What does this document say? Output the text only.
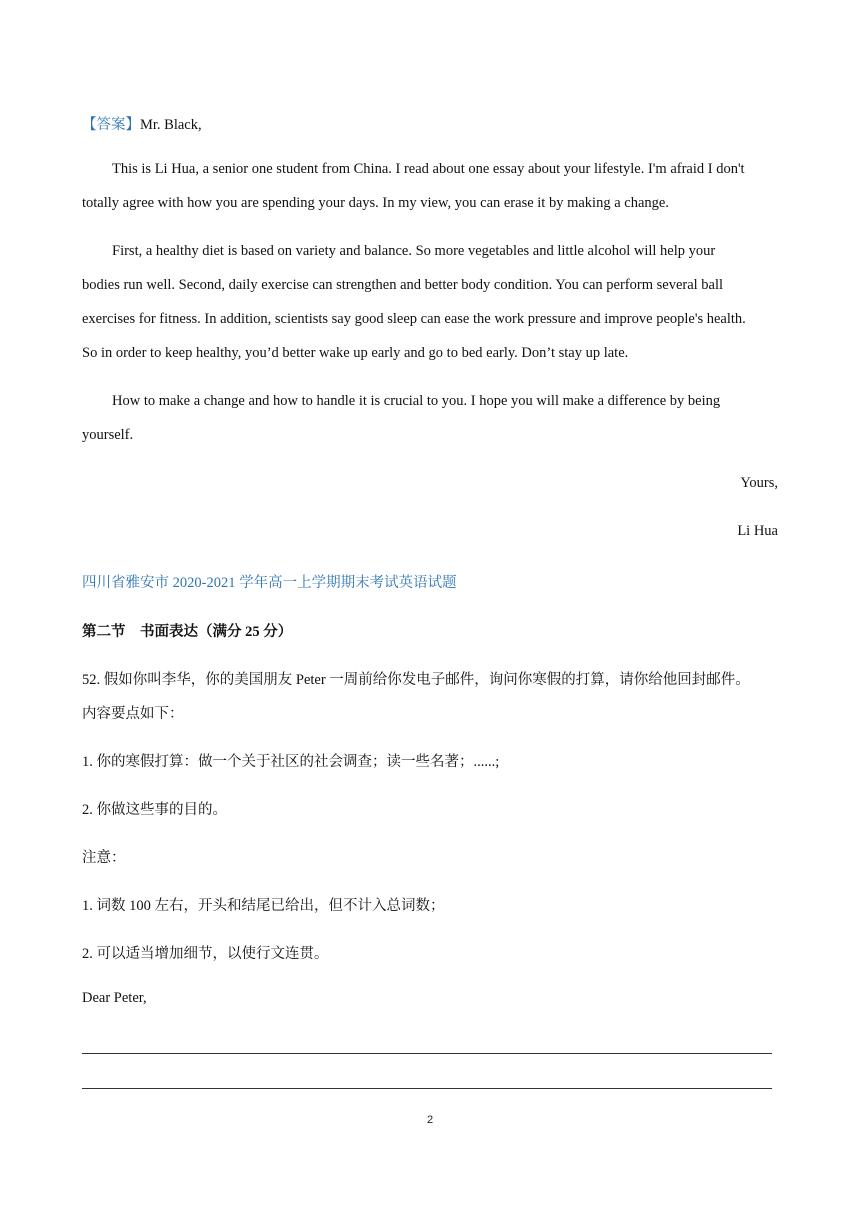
【答案】Mr. Black,
This is Li Hua, a senior one student from China. I read about one essay about your lifestyle. I'm afraid I don't
totally agree with how you are spending your days. In my view, you can erase it by making a change.
First, a healthy diet is based on variety and balance. So more vegetables and little alcohol will help your
bodies run well. Second, daily exercise can strengthen and better body condition. You can perform several ball
exercises for fitness. In addition, scientists say good sleep can ease the work pressure and improve people's health.
So in order to keep healthy, you’d better wake up early and go to bed early. Don’t stay up late.
How to make a change and how to handle it is crucial to you. I hope you will make a difference by being
yourself.
Yours,
Li Hua
四川省雅安市 2020-2021 学年高一上学期期末考试英语试题
第二节　书面表达（满分 25 分）
52. 假如你叫李华，你的美国朋友 Peter 一周前给你发电子邮件，询问你寒假的打算，请你给他回封邮件。
内容要点如下：
1. 你的寒假打算：做一个关于社区的社会调查；读一些名著；......;
2. 你做这些事的目的。
注意：
1. 词数 100 左右，开头和结尾已给出，但不计入总词数；
2. 可以适当增加细节，以使行文连贯。
Dear Peter,
2
